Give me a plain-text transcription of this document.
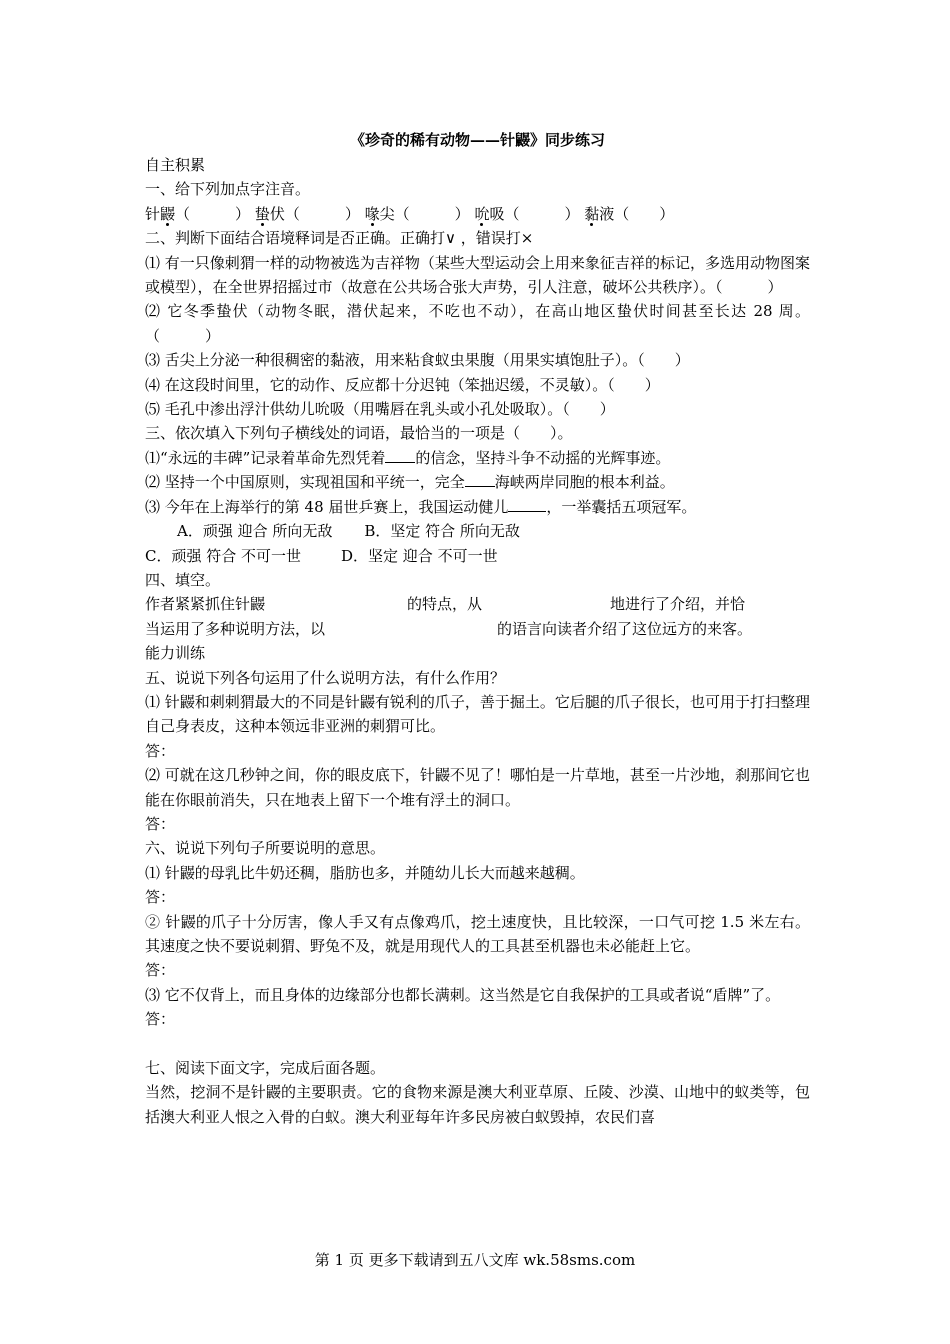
《珍奇的稀有动物——针鼹》同步练习
自主积累
一、给下列加点字注音。
针鼹（　　　） 蛰伏（　　　） 喙尖（　　　） 吮吸（　　　） 黏液（　　）
二、判断下面结合语境释词是否正确。正确打∨ ，错误打×
⑴ 有一只像刺猬一样的动物被选为吉祥物（某些大型运动会上用来象征吉祥的标记，多选用动物图案或模型），在全世界招摇过市（故意在公共场合张大声势，引人注意，破坏公共秩序）。（　　　）
⑵ 它冬季蛰伏（动物冬眠，潜伏起来，不吃也不动），在高山地区蛰伏时间甚至长达 28 周。（　　　）
⑶ 舌尖上分泌一种很稠密的黏液，用来粘食蚁虫果腹（用果实填饱肚子）。（　　）
⑷ 在这段时间里，它的动作、反应都十分迟钝（笨拙迟缓，不灵敏）。（　　）
⑸ 毛孔中渗出浮汁供幼儿吮吸（用嘴唇在乳头或小孔处吸取）。（　　）
三、依次填入下列句子横线处的词语，最恰当的一项是（　　）。
⑴“永远的丰碑”记录着革命先烈凭着 的信念，坚持斗争不动摇的光辉事迹。
⑵ 坚持一个中国原则，实现祖国和平统一，完全 海峡两岸同胞的根本利益。
⑶ 今年在上海举行的第 48 届世乒赛上，我国运动健儿	，一举囊括五项冠军。
A．顽强 迎合 所向无敌 B．坚定 符合 所向无敌
C．顽强 符合 不可一世	D．坚定 迎合 不可一世
四、填空。
作者紧紧抓住针鼹	的特点，从	地进行了介绍，并恰
当运用了多种说明方法，以	的语言向读者介绍了这位远方的来客。
能力训练
五、说说下列各句运用了什么说明方法，有什么作用？
⑴ 针鼹和刺刺猬最大的不同是针鼹有锐利的爪子，善于掘土。它后腿的爪子很长，也可用于打扫整理自己身表皮，这种本领远非亚洲的刺猬可比。
答：
⑵ 可就在这几秒钟之间，你的眼皮底下，针鼹不见了！哪怕是一片草地，甚至一片沙地，刹那间它也能在你眼前消失，只在地表上留下一个堆有浮土的洞口。
答：
六、说说下列句子所要说明的意思。
⑴ 针鼹的母乳比牛奶还稠，脂肪也多，并随幼儿长大而越来越稠。
答：
② 针鼹的爪子十分厉害，像人手又有点像鸡爪，挖土速度快，且比较深，一口气可挖 1.5 米左右。其速度之快不要说刺猬、野兔不及，就是用现代人的工具甚至机器也未必能赶上它。
答：
⑶ 它不仅背上，而且身体的边缘部分也都长满刺。这当然是它自我保护的工具或者说“盾牌”了。
答：
七、阅读下面文字，完成后面各题。
当然，挖洞不是针鼹的主要职责。它的食物来源是澳大利亚草原、丘陵、沙漠、山地中的蚁类等，包括澳大利亚人恨之入骨的白蚁。澳大利亚每年许多民房被白蚁毁掉，农民们喜
第 1 页 更多下载请到五八文库 wk.58sms.com
